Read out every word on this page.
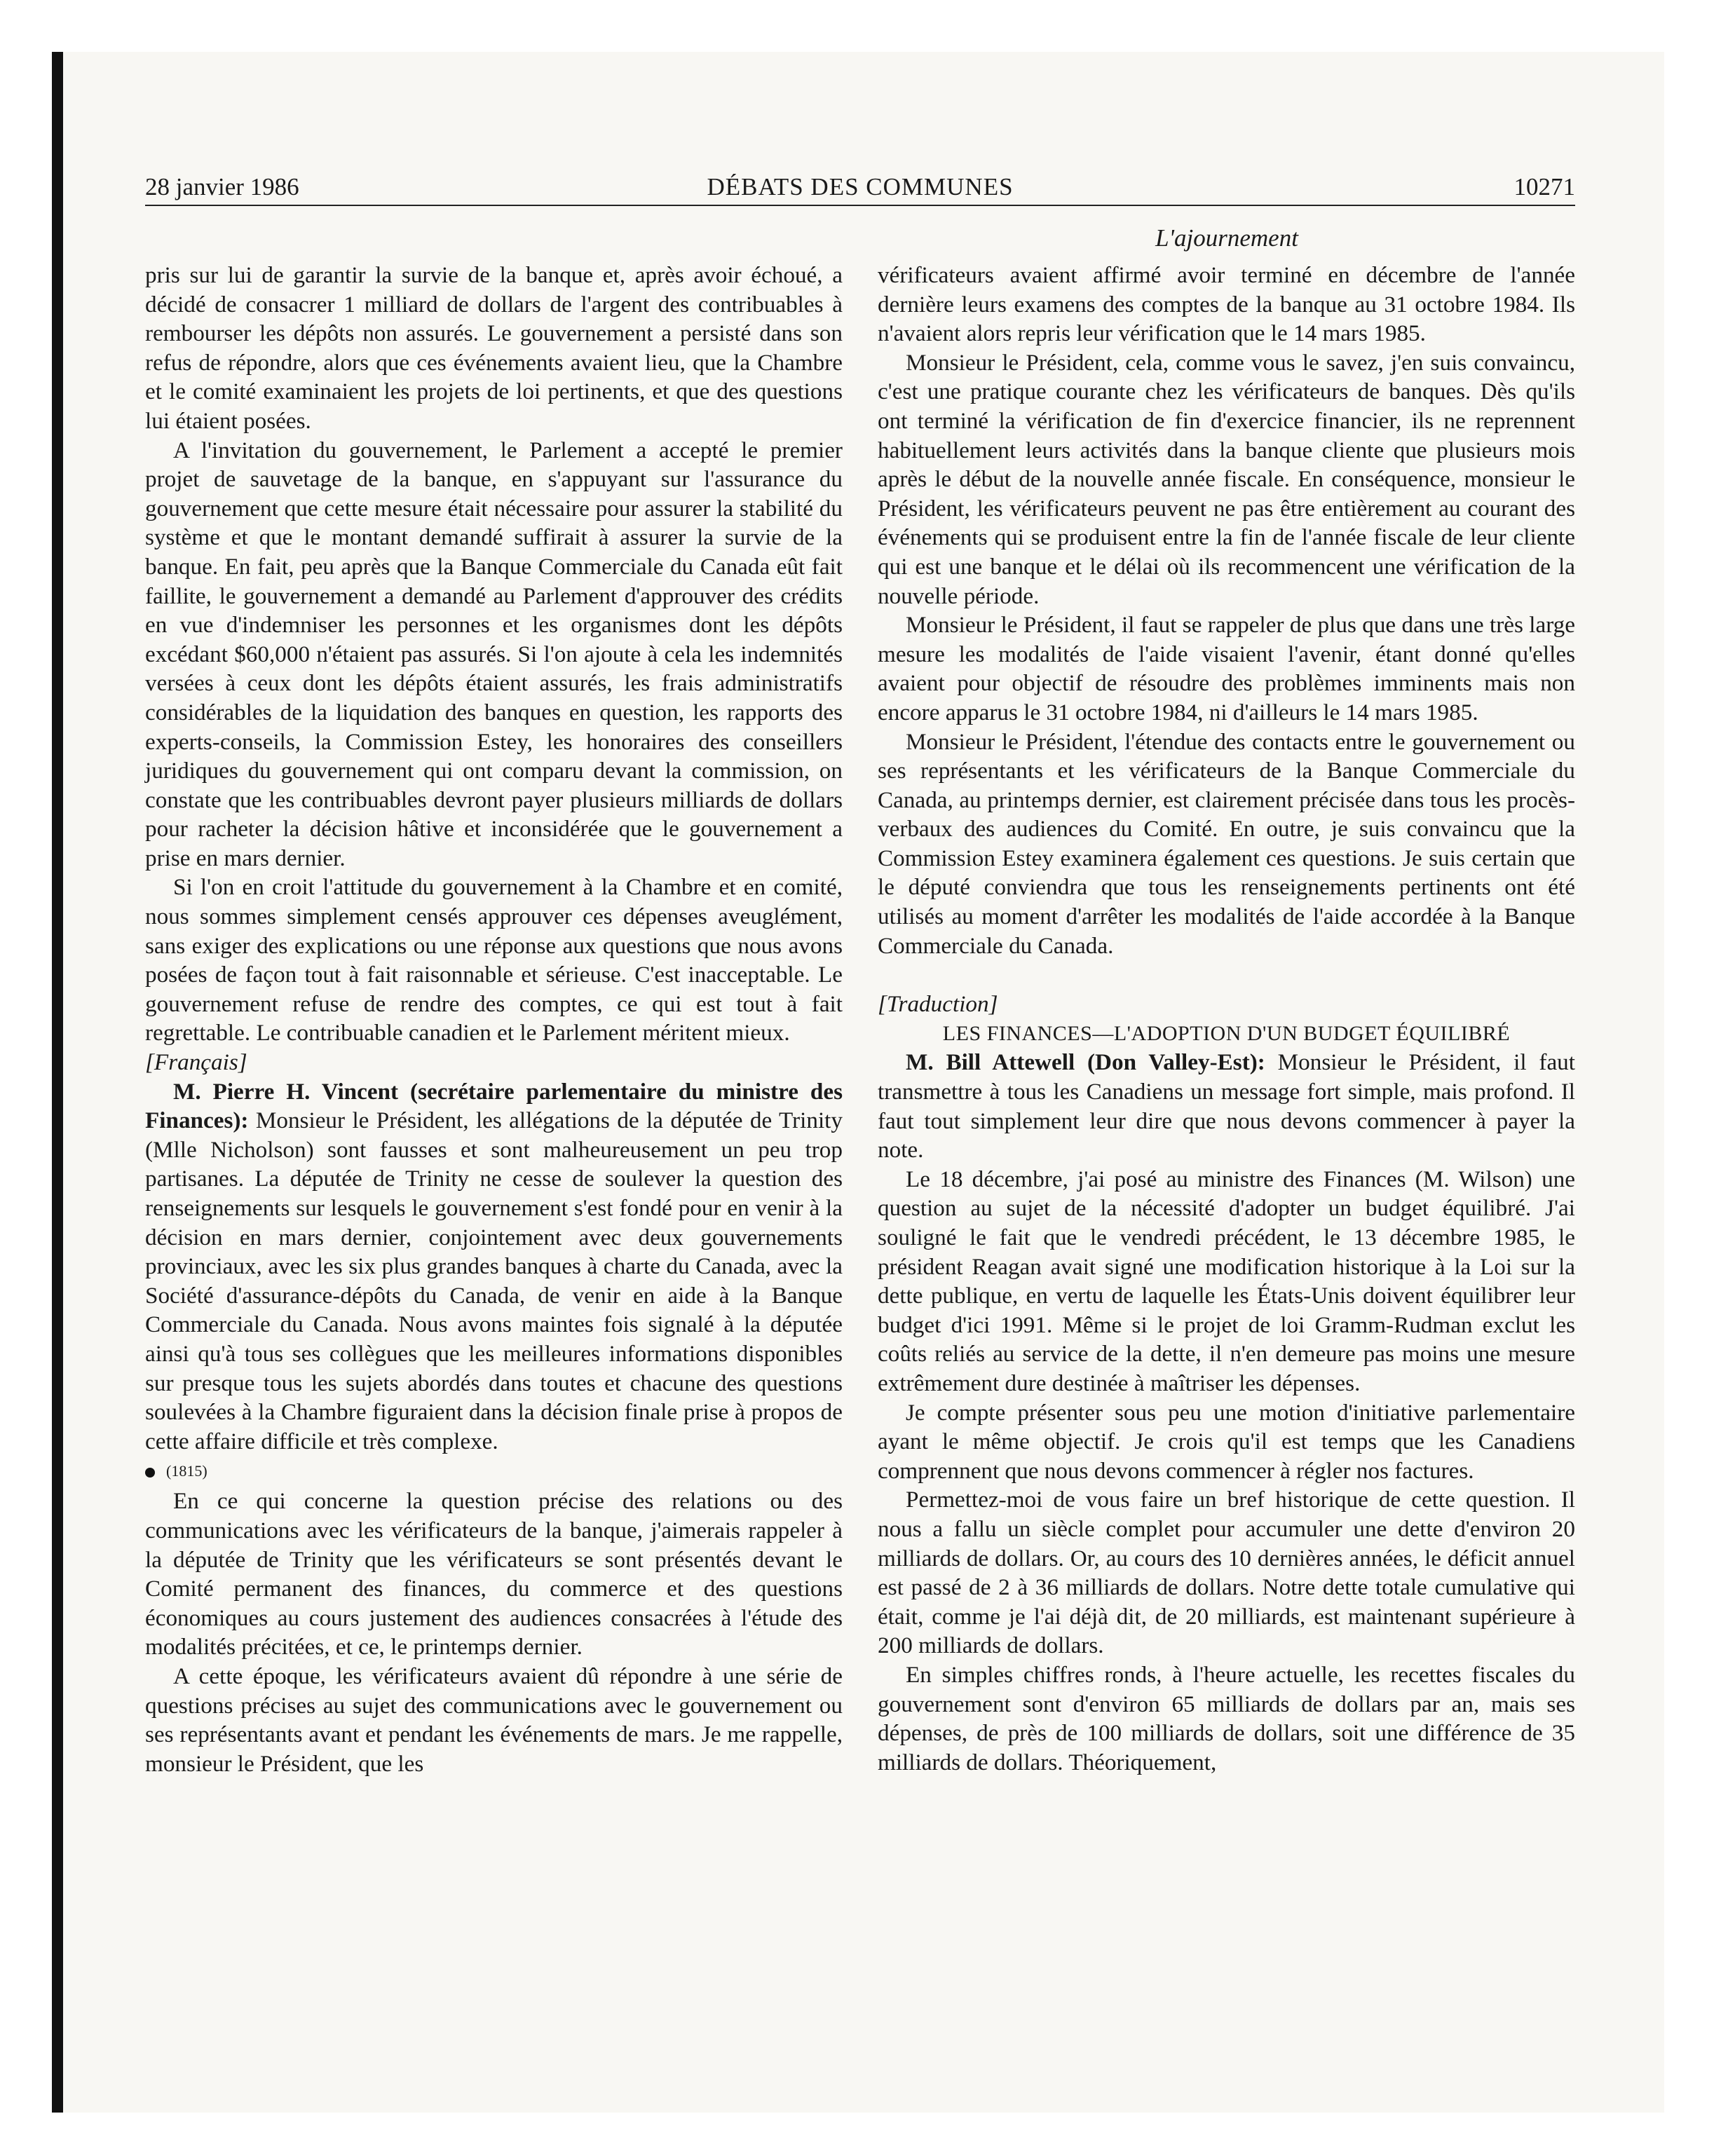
28 janvier 1986	DÉBATS DES COMMUNES	10271
L'ajournement

pris sur lui de garantir la survie de la banque et, après avoir échoué, a décidé de consacrer 1 milliard de dollars de l'argent des contribuables à rembourser les dépôts non assurés. Le gouvernement a persisté dans son refus de répondre, alors que ces événements avaient lieu, que la Chambre et le comité examinaient les projets de loi pertinents, et que des questions lui étaient posées.

A l'invitation du gouvernement, le Parlement a accepté le premier projet de sauvetage de la banque, en s'appuyant sur l'assurance du gouvernement que cette mesure était nécessaire pour assurer la stabilité du système et que le montant demandé suffirait à assurer la survie de la banque. En fait, peu après que la Banque Commerciale du Canada eût fait faillite, le gouvernement a demandé au Parlement d'approuver des crédits en vue d'indemniser les personnes et les organismes dont les dépôts excédant $60,000 n'étaient pas assurés. Si l'on ajoute à cela les indemnités versées à ceux dont les dépôts étaient assurés, les frais administratifs considérables de la liquidation des banques en question, les rapports des experts-conseils, la Commission Estey, les honoraires des conseillers juridiques du gouvernement qui ont comparu devant la commission, on constate que les contribuables devront payer plusieurs milliards de dollars pour racheter la décision hâtive et inconsidérée que le gouvernement a prise en mars dernier.

Si l'on en croit l'attitude du gouvernement à la Chambre et en comité, nous sommes simplement censés approuver ces dépenses aveuglément, sans exiger des explications ou une réponse aux questions que nous avons posées de façon tout à fait raisonnable et sérieuse. C'est inacceptable. Le gouvernement refuse de rendre des comptes, ce qui est tout à fait regrettable. Le contribuable canadien et le Parlement méritent mieux.

[Français]

M. Pierre H. Vincent (secrétaire parlementaire du ministre des Finances): Monsieur le Président, les allégations de la députée de Trinity (Mlle Nicholson) sont fausses et sont malheureusement un peu trop partisanes. La députée de Trinity ne cesse de soulever la question des renseignements sur lesquels le gouvernement s'est fondé pour en venir à la décision en mars dernier, conjointement avec deux gouvernements provinciaux, avec les six plus grandes banques à charte du Canada, avec la Société d'assurance-dépôts du Canada, de venir en aide à la Banque Commerciale du Canada. Nous avons maintes fois signalé à la députée ainsi qu'à tous ses collègues que les meilleures informations disponibles sur presque tous les sujets abordés dans toutes et chacune des questions soulevées à la Chambre figuraient dans la décision finale prise à propos de cette affaire difficile et très complexe.

(1815)

En ce qui concerne la question précise des relations ou des communications avec les vérificateurs de la banque, j'aimerais rappeler à la députée de Trinity que les vérificateurs se sont présentés devant le Comité permanent des finances, du commerce et des questions économiques au cours justement des audiences consacrées à l'étude des modalités précitées, et ce, le printemps dernier.

A cette époque, les vérificateurs avaient dû répondre à une série de questions précises au sujet des communications avec le gouvernement ou ses représentants avant et pendant les événements de mars. Je me rappelle, monsieur le Président, que les

vérificateurs avaient affirmé avoir terminé en décembre de l'année dernière leurs examens des comptes de la banque au 31 octobre 1984. Ils n'avaient alors repris leur vérification que le 14 mars 1985.

Monsieur le Président, cela, comme vous le savez, j'en suis convaincu, c'est une pratique courante chez les vérificateurs de banques. Dès qu'ils ont terminé la vérification de fin d'exercice financier, ils ne reprennent habituellement leurs activités dans la banque cliente que plusieurs mois après le début de la nouvelle année fiscale. En conséquence, monsieur le Président, les vérificateurs peuvent ne pas être entièrement au courant des événements qui se produisent entre la fin de l'année fiscale de leur cliente qui est une banque et le délai où ils recommencent une vérification de la nouvelle période.

Monsieur le Président, il faut se rappeler de plus que dans une très large mesure les modalités de l'aide visaient l'avenir, étant donné qu'elles avaient pour objectif de résoudre des problèmes imminents mais non encore apparus le 31 octobre 1984, ni d'ailleurs le 14 mars 1985.

Monsieur le Président, l'étendue des contacts entre le gouvernement ou ses représentants et les vérificateurs de la Banque Commerciale du Canada, au printemps dernier, est clairement précisée dans tous les procès-verbaux des audiences du Comité. En outre, je suis convaincu que la Commission Estey examinera également ces questions. Je suis certain que le député conviendra que tous les renseignements pertinents ont été utilisés au moment d'arrêter les modalités de l'aide accordée à la Banque Commerciale du Canada.

[Traduction]

LES FINANCES—L'ADOPTION D'UN BUDGET ÉQUILIBRÉ

M. Bill Attewell (Don Valley-Est): Monsieur le Président, il faut transmettre à tous les Canadiens un message fort simple, mais profond. Il faut tout simplement leur dire que nous devons commencer à payer la note.

Le 18 décembre, j'ai posé au ministre des Finances (M. Wilson) une question au sujet de la nécessité d'adopter un budget équilibré. J'ai souligné le fait que le vendredi précédent, le 13 décembre 1985, le président Reagan avait signé une modification historique à la Loi sur la dette publique, en vertu de laquelle les États-Unis doivent équilibrer leur budget d'ici 1991. Même si le projet de loi Gramm-Rudman exclut les coûts reliés au service de la dette, il n'en demeure pas moins une mesure extrêmement dure destinée à maîtriser les dépenses.

Je compte présenter sous peu une motion d'initiative parlementaire ayant le même objectif. Je crois qu'il est temps que les Canadiens comprennent que nous devons commencer à régler nos factures.

Permettez-moi de vous faire un bref historique de cette question. Il nous a fallu un siècle complet pour accumuler une dette d'environ 20 milliards de dollars. Or, au cours des 10 dernières années, le déficit annuel est passé de 2 à 36 milliards de dollars. Notre dette totale cumulative qui était, comme je l'ai déjà dit, de 20 milliards, est maintenant supérieure à 200 milliards de dollars.

En simples chiffres ronds, à l'heure actuelle, les recettes fiscales du gouvernement sont d'environ 65 milliards de dollars par an, mais ses dépenses, de près de 100 milliards de dollars, soit une différence de 35 milliards de dollars. Théoriquement,
